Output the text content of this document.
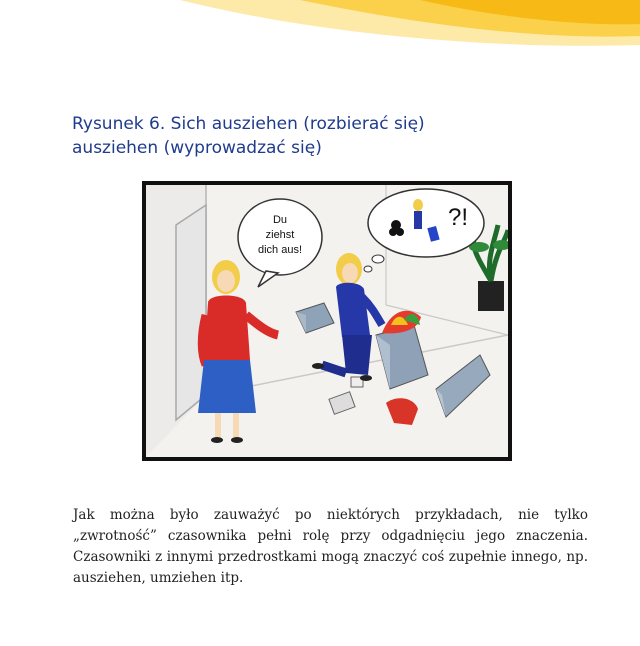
Rysunek 6. Sich ausziehen (rozbierać się)
ausziehen (wyprowadzać się)
Du
ziehst
dich aus!
?!

Jak można było zauważyć po niektórych przykładach, nie tylko „zwrotność” czasownika pełni rolę przy odgadnięciu jego znaczenia. Czasowniki z innymi przedrostkami mogą znaczyć coś zupełnie innego, np. ausziehen, umziehen itp.
